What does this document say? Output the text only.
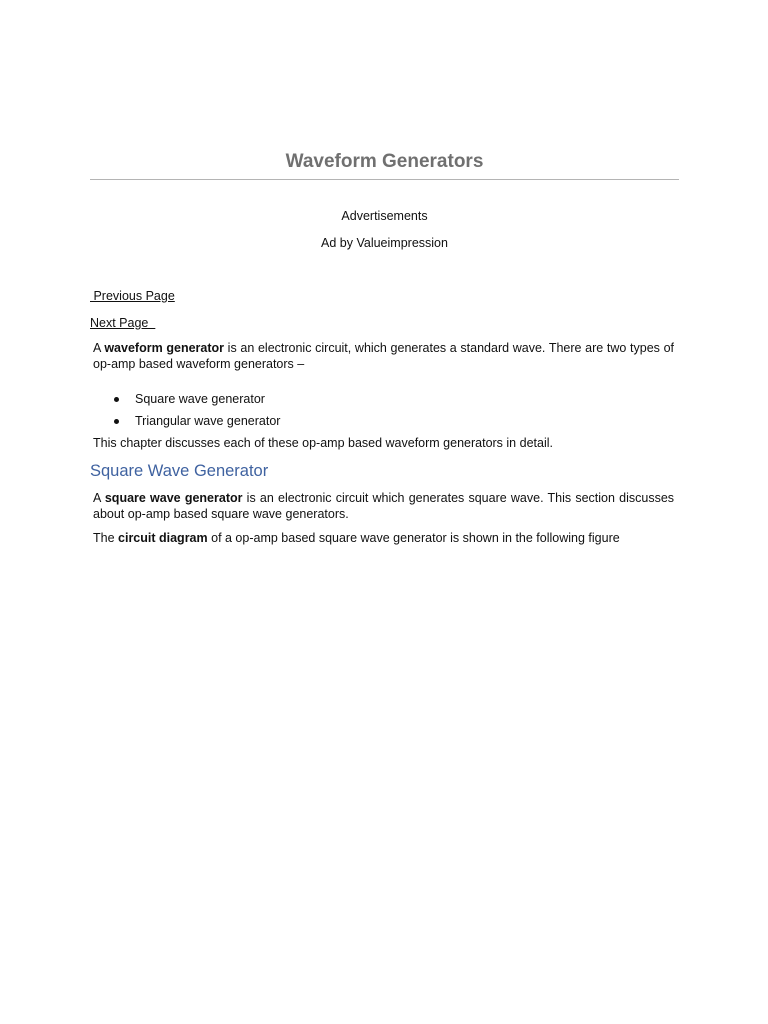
Waveform Generators
Advertisements
Ad by Valueimpression
Previous Page
Next Page

A waveform generator is an electronic circuit, which generates a standard wave. There are two types of op-amp based waveform generators –

Square wave generator
Triangular wave generator

This chapter discusses each of these op-amp based waveform generators in detail.

Square Wave Generator

A square wave generator is an electronic circuit which generates square wave. This section discusses about op-amp based square wave generators.

The circuit diagram of a op-amp based square wave generator is shown in the following figure
